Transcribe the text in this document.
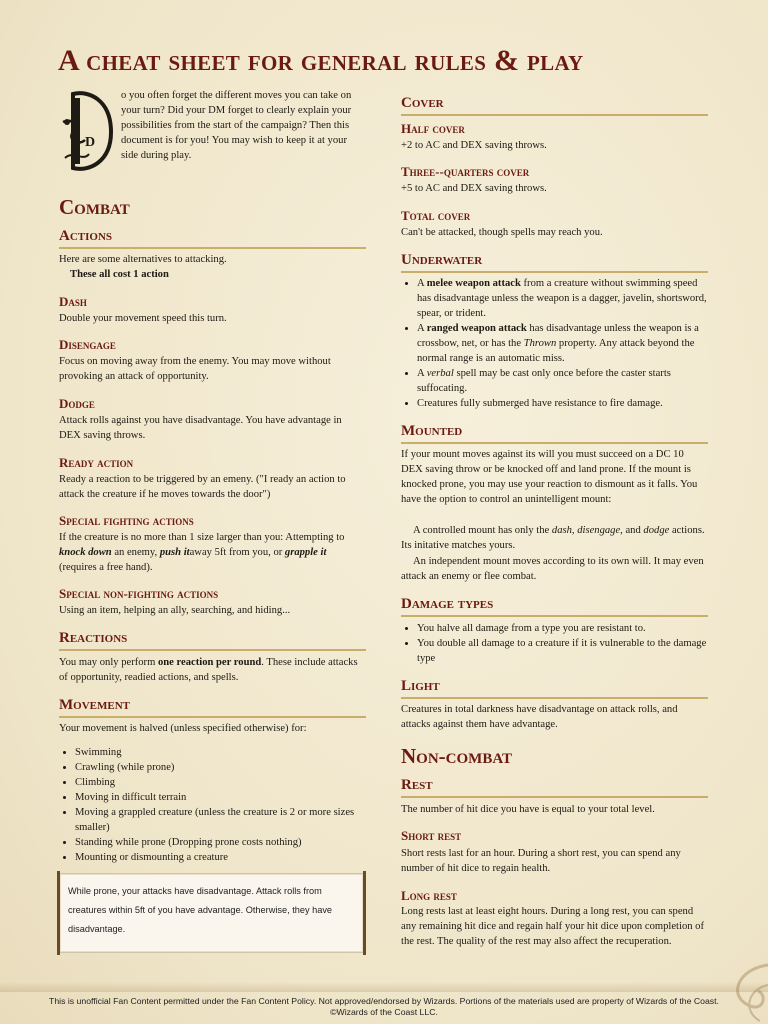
A cheat sheet for general rules & play
D
o you often forget the different moves you can take on your turn? Did your DM forget to clearly explain your possibilities from the start of the campaign? Then this document is for you! You may wish to keep it at your side during play.
Combat
Actions

Here are some alternatives to attacking.

These all cost 1 action

Dash

Double your movement speed this turn.

Disengage

Focus on moving away from the enemy. You may move without provoking an attack of opportunity.

Dodge

Attack rolls against you have disadvantage. You have advantage in DEX saving throws.

Ready action

Ready a reaction to be triggered by an emeny. ("I ready an action to attack the creature if he moves towards the door")

Special fighting actions

If the creature is no more than 1 size larger than you: Attempting to knock down an enemy, push itaway 5ft from you, or grapple it (requires a free hand).

Special non-fighting actions

Using an item, helping an ally, searching, and hiding...

Reactions

You may only perform one reaction per round. These include attacks of opportunity, readied actions, and spells.

Movement

Your movement is halved (unless specified otherwise) for:

• Swimming
• Crawling (while prone)
• Climbing
• Moving in difficult terrain
• Moving a grappled creature (unless the creature is 2 or more sizes smaller)
• Standing while prone (Dropping prone costs nothing)
• Mounting or dismounting a creature
While prone, your attacks have disadvantage. Attack rolls from creatures within 5ft of you have advantage. Otherwise, they have disadvantage.
Cover
Half cover

+2 to AC and DEX saving throws.

Three--quarters cover

+5 to AC and DEX saving throws.

Total cover

Can't be attacked, though spells may reach you.

Underwater
• A melee weapon attack from a creature without swimming speed has disadvantage unless the weapon is a dagger, javelin, shortsword, spear, or trident.
• A ranged weapon attack has disadvantage unless the weapon is a crossbow, net, or has the Thrown property. Any attack beyond the normal range is an automatic miss.
• A verbal spell may be cast only once before the caster starts suffocating.
• Creatures fully submerged have resistance to fire damage.
Mounted

If your mount moves against its will you must succeed on a DC 10 DEX saving throw or be knocked off and land prone. If the mount is knocked prone, you may use your reaction to dismount as it falls. You have the option to control an unintelligent mount:

A controlled mount has only the dash, disengage, and dodge actions. Its initative matches yours.

An independent mount moves according to its own will. It may even attack an enemy or flee combat.

Damage types
• You halve all damage from a type you are resistant to.
• You double all damage to a creature if it is vulnerable to the damage type
Light

Creatures in total darkness have disadvantage on attack rolls, and attacks against them have advantage.

Non-combat
Rest

The number of hit dice you have is equal to your total level.

Short rest

Short rests last for an hour. During a short rest, you can spend any number of hit dice to regain health.

Long rest

Long rests last at least eight hours. During a long rest, you can spend any remaining hit dice and regain half your hit dice upon completion of the rest. The quality of the rest may also affect the recuperation.

This is unofficial Fan Content permitted under the Fan Content Policy. Not approved/endorsed by Wizards. Portions of the materials used are property of Wizards of the Coast. ©Wizards of the Coast LLC.
